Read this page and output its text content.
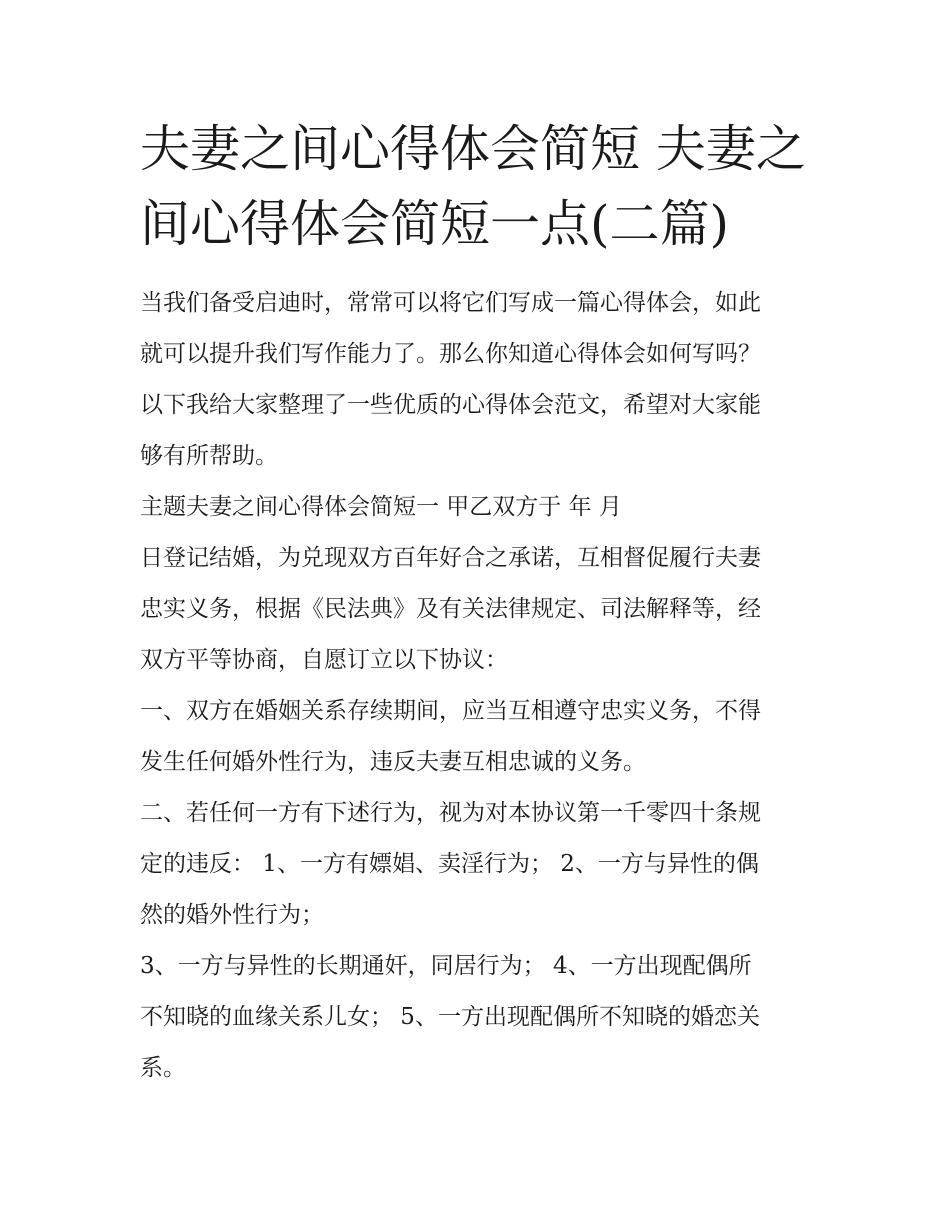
夫妻之间心得体会简短 夫妻之
间心得体会简短一点(二篇)
当我们备受启迪时，常常可以将它们写成一篇心得体会，如此
就可以提升我们写作能力了。那么你知道心得体会如何写吗？
以下我给大家整理了一些优质的心得体会范文，希望对大家能
够有所帮助。
主题夫妻之间心得体会简短一 甲乙双方于 年 月
日登记结婚，为兑现双方百年好合之承诺，互相督促履行夫妻
忠实义务，根据《民法典》及有关法律规定、司法解释等，经
双方平等协商，自愿订立以下协议：
一、双方在婚姻关系存续期间，应当互相遵守忠实义务，不得
发生任何婚外性行为，违反夫妻互相忠诚的义务。
二、若任何一方有下述行为，视为对本协议第一千零四十条规
定的违反： 1、一方有嫖娼、卖淫行为； 2、一方与异性的偶
然的婚外性行为；
3、一方与异性的长期通奸，同居行为； 4、一方出现配偶所
不知晓的血缘关系儿女； 5、一方出现配偶所不知晓的婚恋关
系。
